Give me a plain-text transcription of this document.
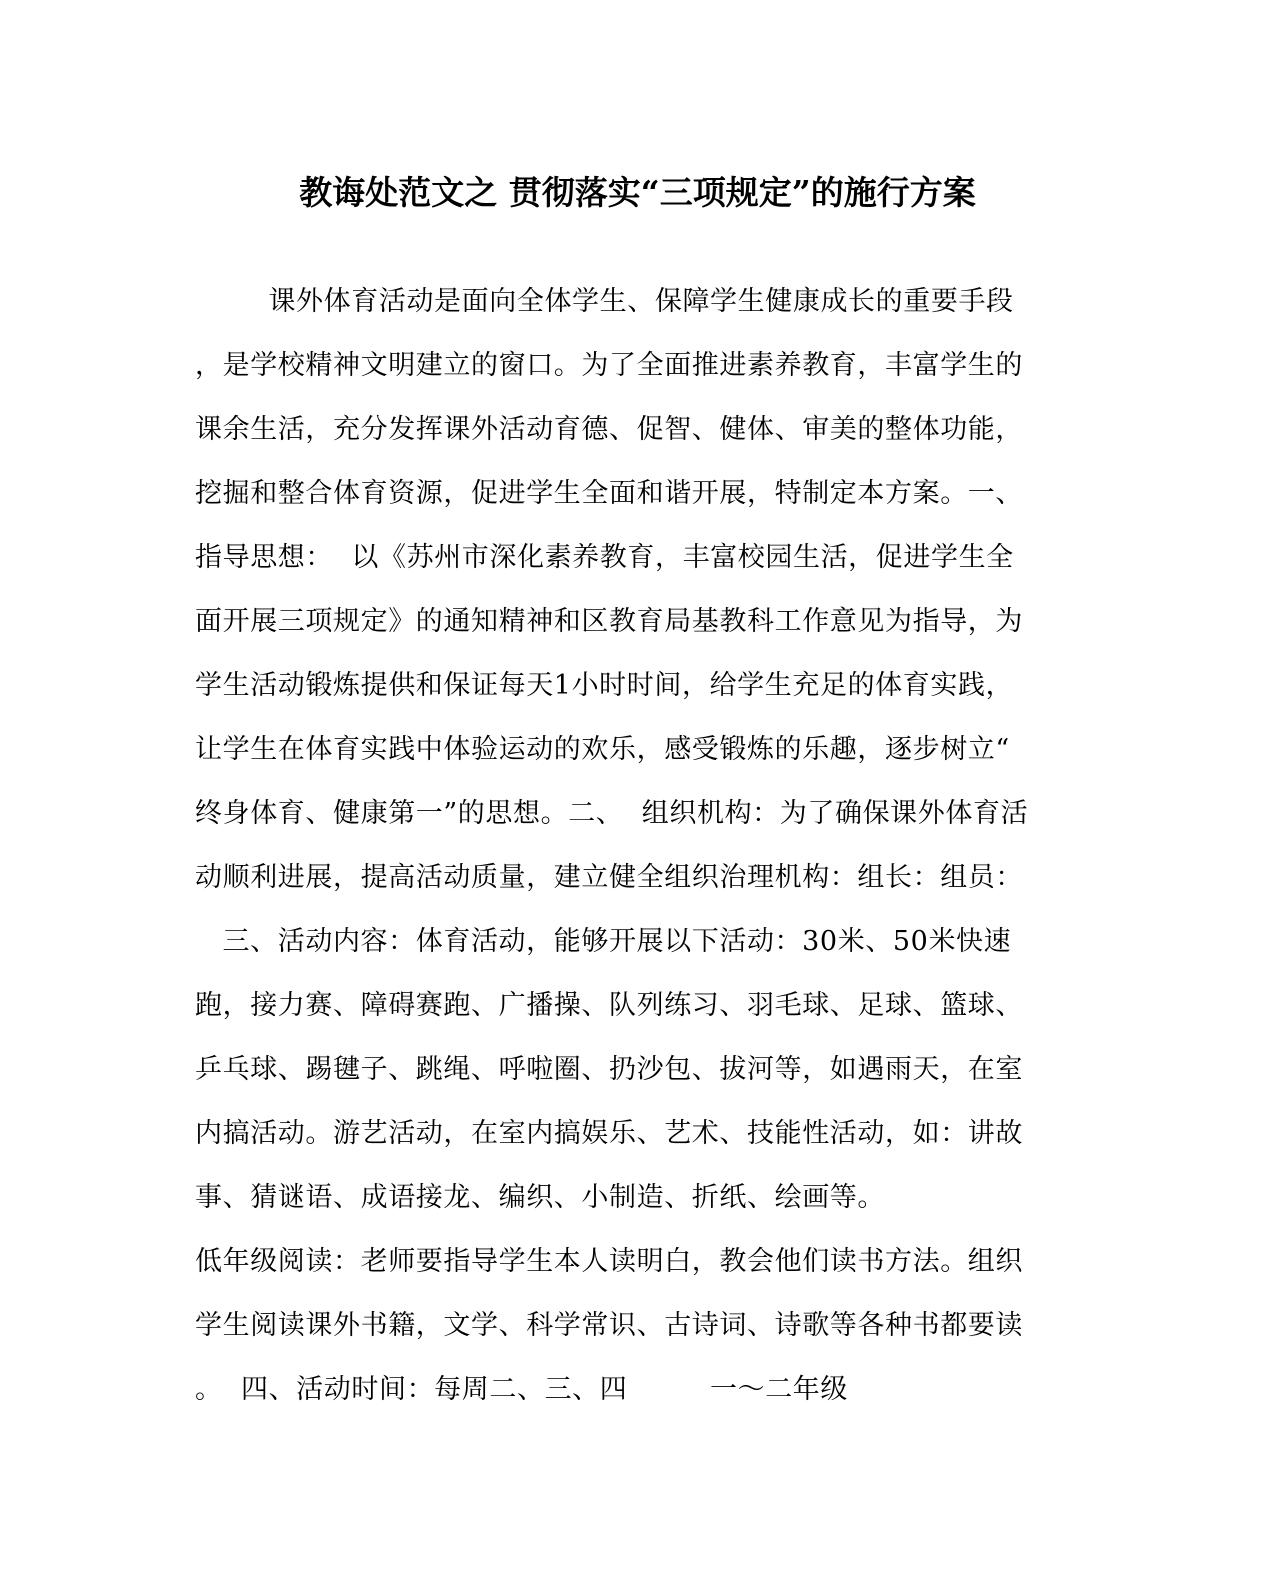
教诲处范文之 贯彻落实“三项规定”的施行方案
课外体育活动是面向全体学生、保障学生健康成长的重要手段
，是学校精神文明建立的窗口。为了全面推进素养教育，丰富学生的
课余生活，充分发挥课外活动育德、促智、健体、审美的整体功能，
挖掘和整合体育资源，促进学生全面和谐开展，特制定本方案。一、
指导思想：  以《苏州市深化素养教育，丰富校园生活，促进学生全
面开展三项规定》的通知精神和区教育局基教科工作意见为指导，为
学生活动锻炼提供和保证每天1小时时间，给学生充足的体育实践，
让学生在体育实践中体验运动的欢乐，感受锻炼的乐趣，逐步树立“
终身体育、健康第一”的思想。二、  组织机构：为了确保课外体育活
动顺利进展，提高活动质量，建立健全组织治理机构：组长：组员：
三、活动内容：体育活动，能够开展以下活动：30米、50米快速
跑，接力赛、障碍赛跑、广播操、队列练习、羽毛球、足球、篮球、
乒乓球、踢毽子、跳绳、呼啦圈、扔沙包、拔河等，如遇雨天，在室
内搞活动。游艺活动，在室内搞娱乐、艺术、技能性活动，如：讲故
事、猜谜语、成语接龙、编织、小制造、折纸、绘画等。
低年级阅读：老师要指导学生本人读明白，教会他们读书方法。组织
学生阅读课外书籍，文学、科学常识、古诗词、诗歌等各种书都要读
。  四、活动时间：每周二、三、四         一～二年级
